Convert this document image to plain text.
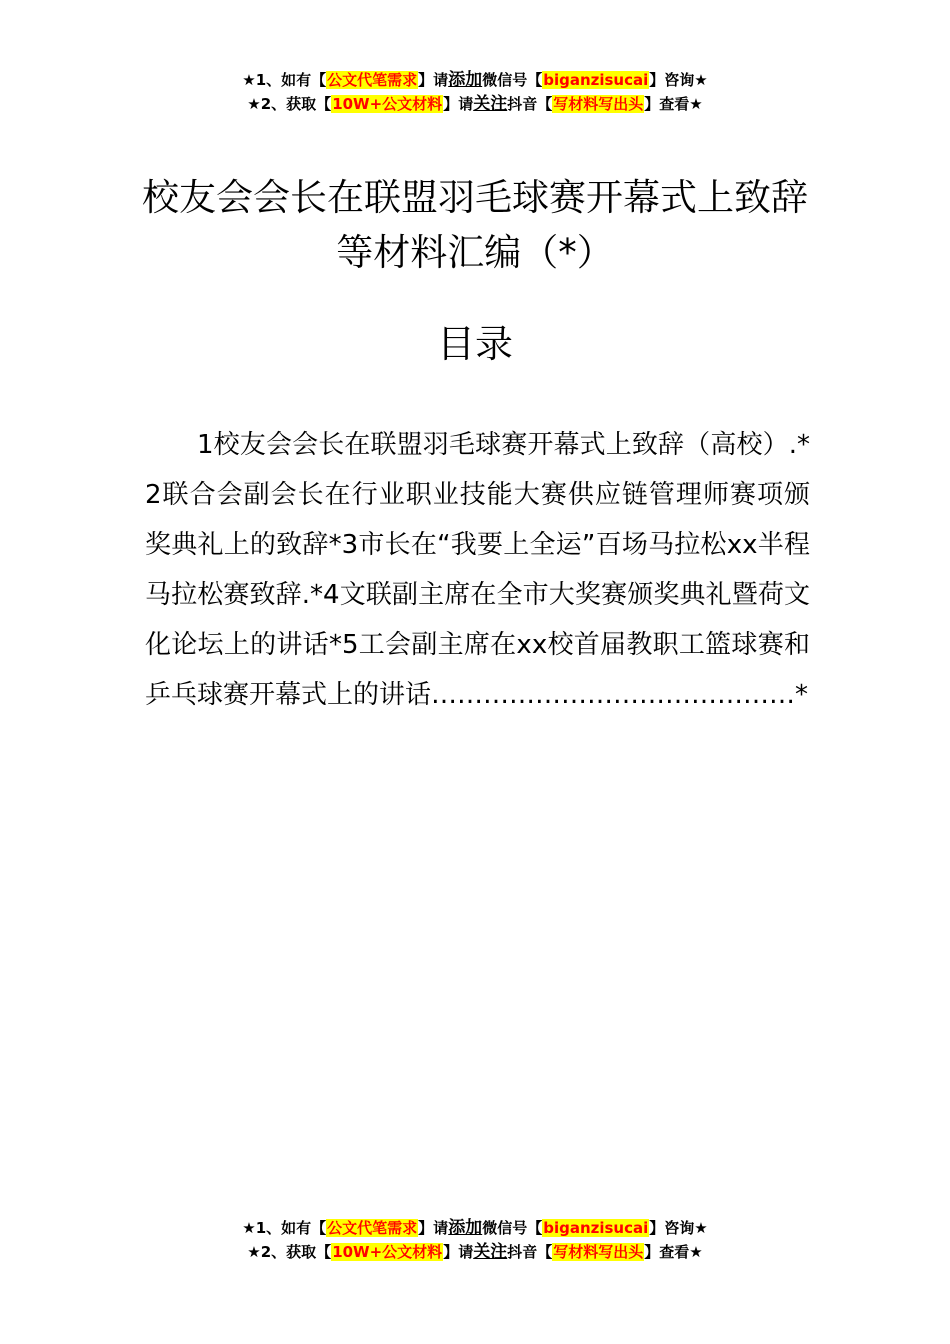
★1、如有【公文代笔需求】请添加微信号【biganzisucai】咨询★
★2、获取【10W+公文材料】请关注抖音【写材料写出头】查看★
校友会会长在联盟羽毛球赛开幕式上致辞
等材料汇编（*）
目录

1校友会会长在联盟羽毛球赛开幕式上致辞（高校）.*2联合会副会长在行业职业技能大赛供应链管理师赛项颁奖典礼上的致辞*3市长在“我要上全运”百场马拉松xx半程马拉松赛致辞.*4文联副主席在全市大奖赛颁奖典礼暨荷文化论坛上的讲话*5工会副主席在xx校首届教职工篮球赛和乒乓球赛开幕式上的讲话……………………………………*

★1、如有【公文代笔需求】请添加微信号【biganzisucai】咨询★
★2、获取【10W+公文材料】请关注抖音【写材料写出头】查看★
